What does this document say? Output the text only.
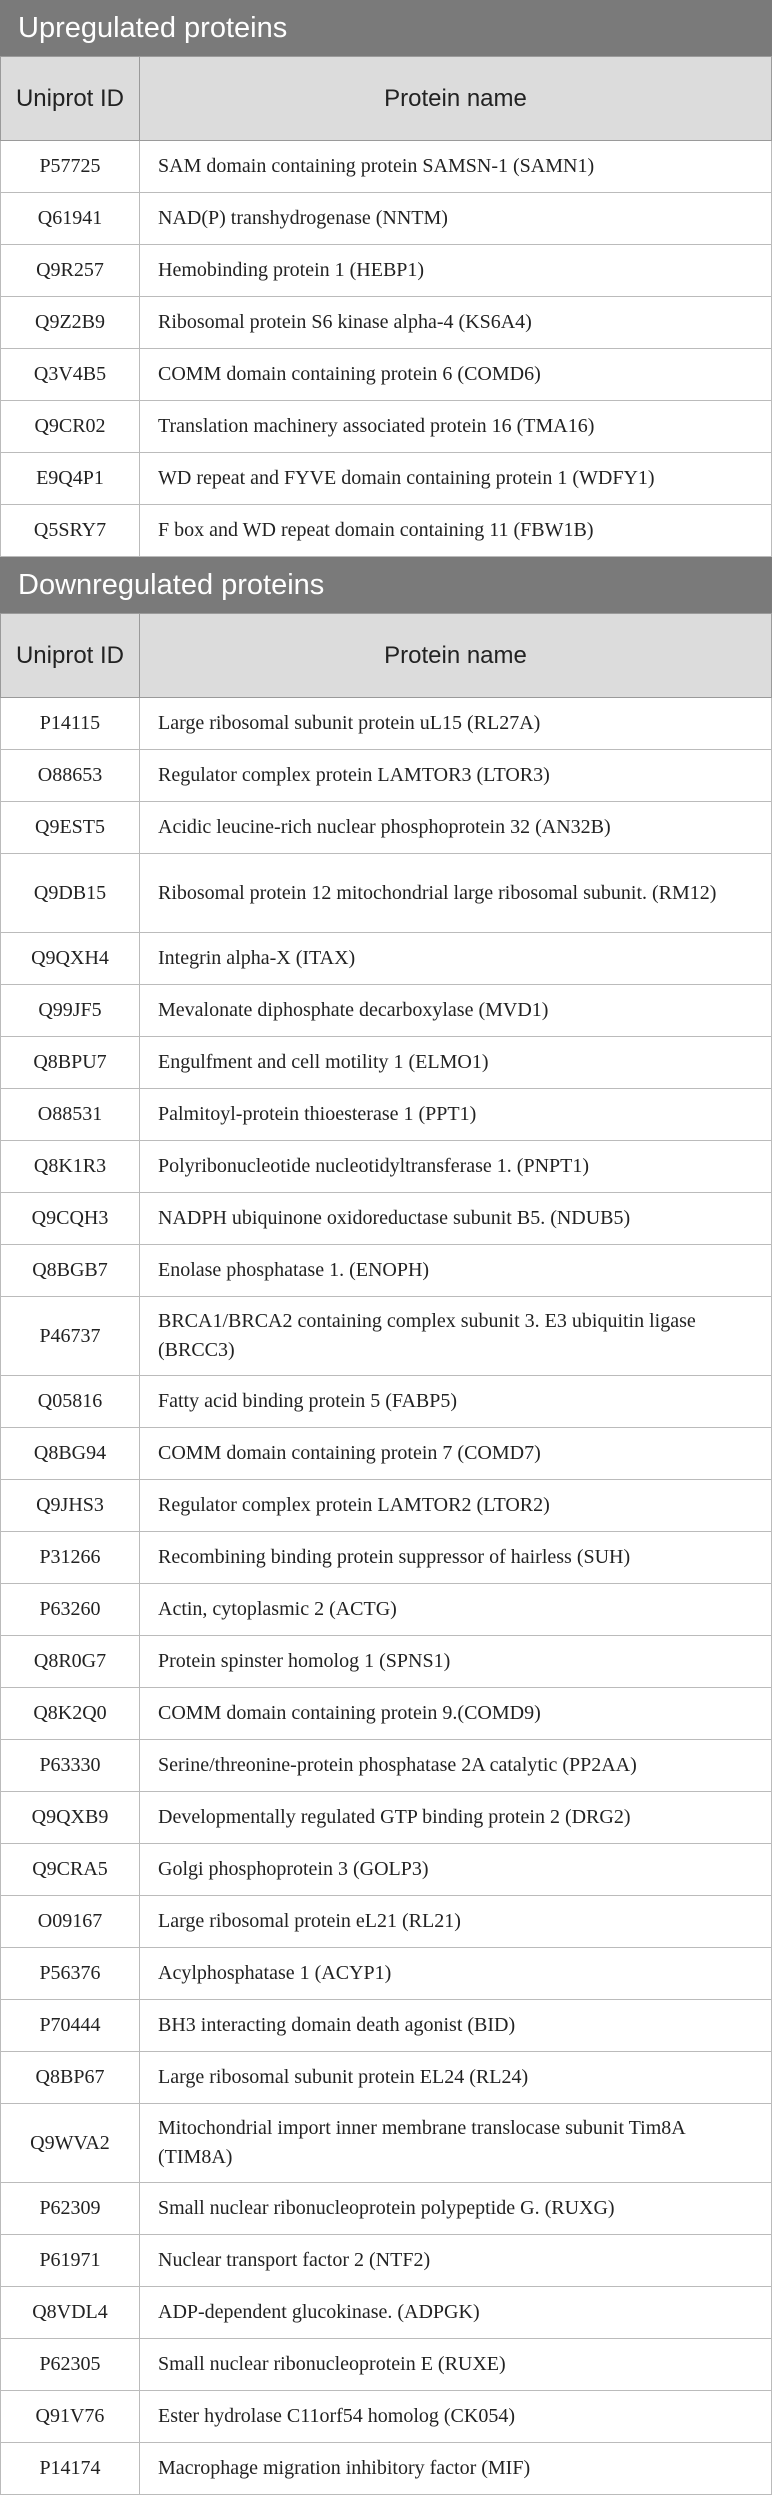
Upregulated proteins
Uniprot ID	Protein name
P57725	SAM domain containing protein SAMSN-1 (SAMN1)
Q61941	NAD(P) transhydrogenase (NNTM)
Q9R257	Hemobinding protein 1 (HEBP1)
Q9Z2B9	Ribosomal protein S6 kinase alpha-4 (KS6A4)
Q3V4B5	COMM domain containing protein 6 (COMD6)
Q9CR02	Translation machinery associated protein 16 (TMA16)
E9Q4P1	WD repeat and FYVE domain containing protein 1 (WDFY1)
Q5SRY7	F box and WD repeat domain containing 11 (FBW1B)
Downregulated proteins
Uniprot ID	Protein name
P14115	Large ribosomal subunit protein uL15 (RL27A)
O88653	Regulator complex protein LAMTOR3 (LTOR3)
Q9EST5	Acidic leucine-rich nuclear phosphoprotein 32 (AN32B)
Q9DB15	Ribosomal protein 12 mitochondrial large ribosomal subunit. (RM12)
Q9QXH4	Integrin alpha-X (ITAX)
Q99JF5	Mevalonate diphosphate decarboxylase (MVD1)
Q8BPU7	Engulfment and cell motility 1 (ELMO1)
O88531	Palmitoyl-protein thioesterase 1 (PPT1)
Q8K1R3	Polyribonucleotide nucleotidyltransferase 1. (PNPT1)
Q9CQH3	NADPH ubiquinone oxidoreductase subunit B5. (NDUB5)
Q8BGB7	Enolase phosphatase 1. (ENOPH)
P46737	BRCA1/BRCA2 containing complex subunit 3. E3 ubiquitin ligase (BRCC3)
Q05816	Fatty acid binding protein 5 (FABP5)
Q8BG94	COMM domain containing protein 7 (COMD7)
Q9JHS3	Regulator complex protein LAMTOR2 (LTOR2)
P31266	Recombining binding protein suppressor of hairless (SUH)
P63260	Actin, cytoplasmic 2 (ACTG)
Q8R0G7	Protein spinster homolog 1 (SPNS1)
Q8K2Q0	COMM domain containing protein 9.(COMD9)
P63330	Serine/threonine-protein phosphatase 2A catalytic (PP2AA)
Q9QXB9	Developmentally regulated GTP binding protein 2 (DRG2)
Q9CRA5	Golgi phosphoprotein 3 (GOLP3)
O09167	Large ribosomal protein eL21 (RL21)
P56376	Acylphosphatase 1 (ACYP1)
P70444	BH3 interacting domain death agonist (BID)
Q8BP67	Large ribosomal subunit protein EL24 (RL24)
Q9WVA2	Mitochondrial import inner membrane translocase subunit Tim8A (TIM8A)
P62309	Small nuclear ribonucleoprotein polypeptide G. (RUXG)
P61971	Nuclear transport factor 2 (NTF2)
Q8VDL4	ADP-dependent glucokinase. (ADPGK)
P62305	Small nuclear ribonucleoprotein E (RUXE)
Q91V76	Ester hydrolase C11orf54 homolog (CK054)
P14174	Macrophage migration inhibitory factor (MIF)
